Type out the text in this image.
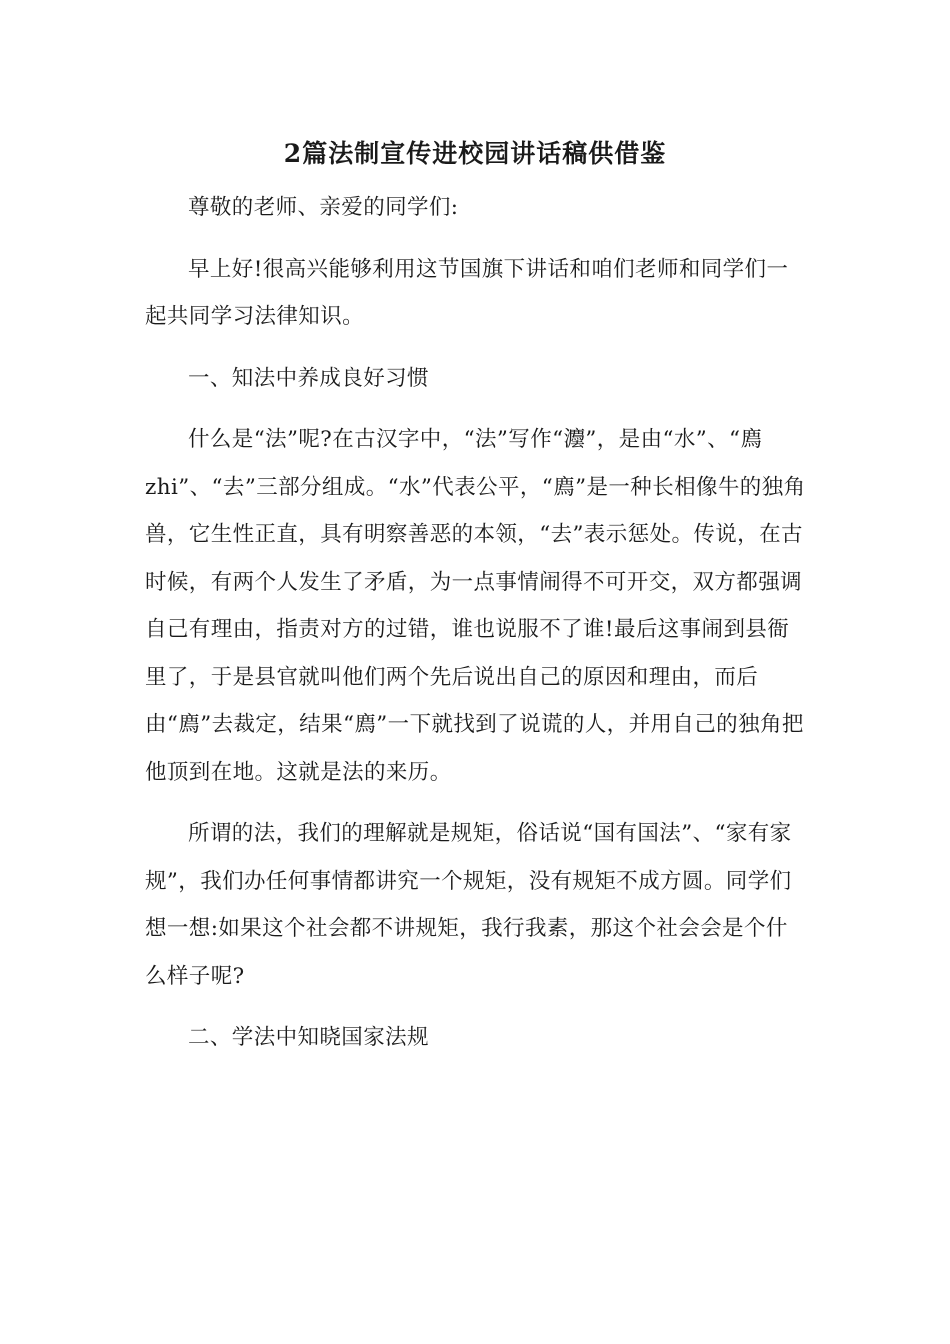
2篇法制宣传进校园讲话稿供借鉴

尊敬的老师、亲爱的同学们:

早上好!很高兴能够利用这节国旗下讲话和咱们老师和同学们一起共同学习法律知识。

一、知法中养成良好习惯

什么是“法”呢?在古汉字中，“法”写作“灋”，是由“水”、“廌zhi”、“去”三部分组成。“水”代表公平，“廌”是一种长相像牛的独角兽，它生性正直，具有明察善恶的本领，“去”表示惩处。传说，在古时候，有两个人发生了矛盾，为一点事情闹得不可开交，双方都强调自己有理由，指责对方的过错，谁也说服不了谁!最后这事闹到县衙里了，于是县官就叫他们两个先后说出自己的原因和理由，而后由“廌”去裁定，结果“廌”一下就找到了说谎的人，并用自己的独角把他顶到在地。这就是法的来历。

所谓的法，我们的理解就是规矩，俗话说“国有国法”、“家有家规”，我们办任何事情都讲究一个规矩，没有规矩不成方圆。同学们想一想:如果这个社会都不讲规矩，我行我素，那这个社会会是个什么样子呢?

二、学法中知晓国家法规
